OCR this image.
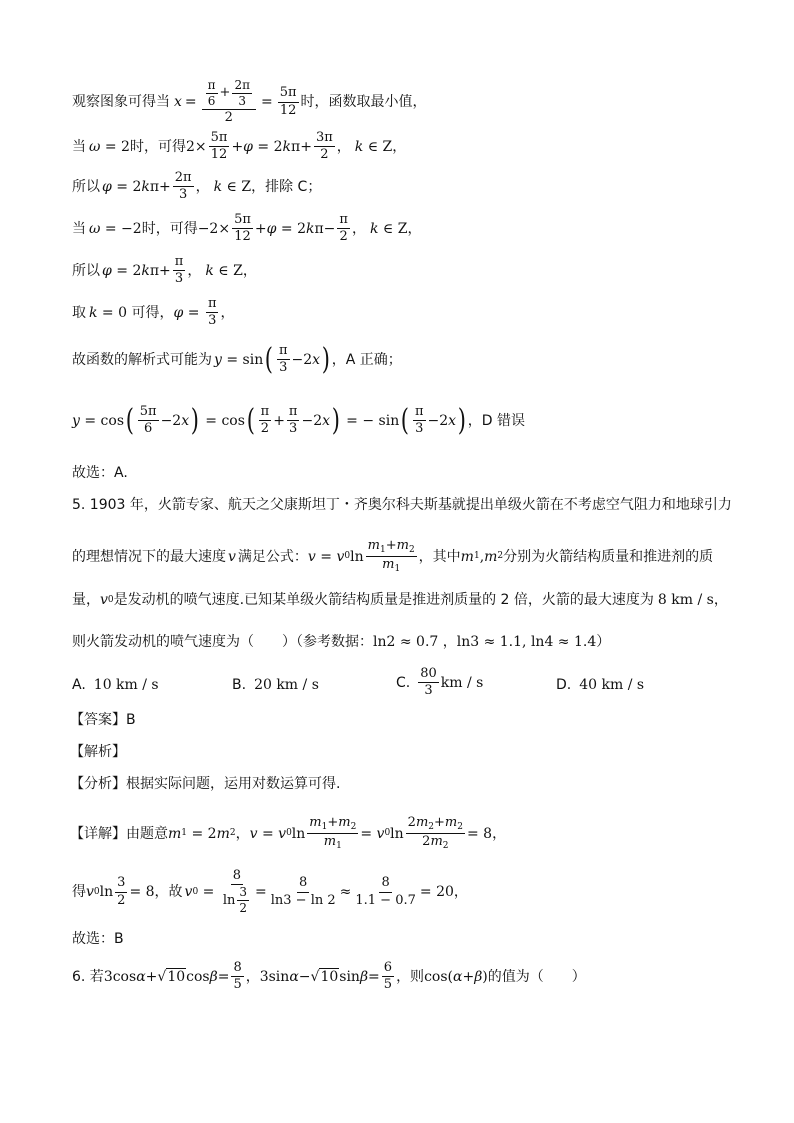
观察图象可得当 $x = \frac{\frac{\pi}{6} + \frac{2\pi}{3}}{2} = \frac{5\pi}{12}$ 时，函数取最小值，
当 ω = 2 时，可得 $2\times \frac{5\pi}{12} + \varphi = 2$ k $\pi+ \frac{3\pi}{2}$ ， k ∈ Z ，
所以 φ = 2 k $\pi+ \frac{2\pi}{3}$ ， k ∈ Z ，排除 C；
当 ω = −2 时，可得 $-2\times \frac{5\pi}{12} + \varphi = 2$ k $\pi- \frac{\pi}{2}$ ， k ∈ Z ，
所以 φ = 2 k $\pi+ \frac{\pi}{3}$ ， k ∈ Z ，
取 k = 0 可得， $\varphi = \frac{\pi}{3}$ ，
故函数的解析式可能为 y = sin ( $\frac{\pi}{3} -2$ x ) ，A 正确；
y = cos ( $\frac{5\pi}{6} -2$ x ) = cos ( $\frac{\pi}{2} + \frac{\pi}{3} -2$ x ) = − sin ( $\frac{\pi}{3} -2$ x ) ，D 错误
故选：A.
5. 1903 年，火箭专家、航天之父康斯坦丁・齐奥尔科夫斯基就提出单级火箭在不考虑空气阻力和地球引力
的理想情况下的最大速度 v 满足公式： v = v 0 $\ln \frac{m_1+m_2}{m_1}$ ，其中 m 1 , m 2 分别为火箭结构质量和推进剂的质
量， v 0 是发动机的喷气速度.已知某单级火箭结构质量是推进剂质量的 2 倍，火箭的最大速度为 8 km / s ，
则火箭发动机的喷气速度为（　　）（参考数据： ln2 ≈ 0.7 ，ln3 ≈ 1.1, ln4 ≈ 1.4 ）
A. 10 km / s	B. 20 km / s	C. $\frac{80}{3}$ km / s	D. 40 km / s
【答案】B
【解析】
【分析】根据实际问题，运用对数运算可得.
【详解】由题意 m 1 = 2 m 2 ， v = v 0 $\ln \frac{m_1+m_2}{m_1} = v$ 0 $\ln \frac{2m_2+m_2}{2m_2} = 8$ ，
得 v 0 $\ln \frac{3}{2} = 8$ ，故 v $0 = \frac{8}{\ln \frac{3}{2}} = \frac{8}{\ln 3 - \ln 2} \approx \frac{8}{1.1 - 0.7} = 20$ ，
故选：B
6. 若 3cos α + √10 $\cos \beta = \frac{8}{5}$ ， 3sin α − √10 $\sin \beta = \frac{6}{5}$ ，则 cos( α + β ) 的值为（　　）
